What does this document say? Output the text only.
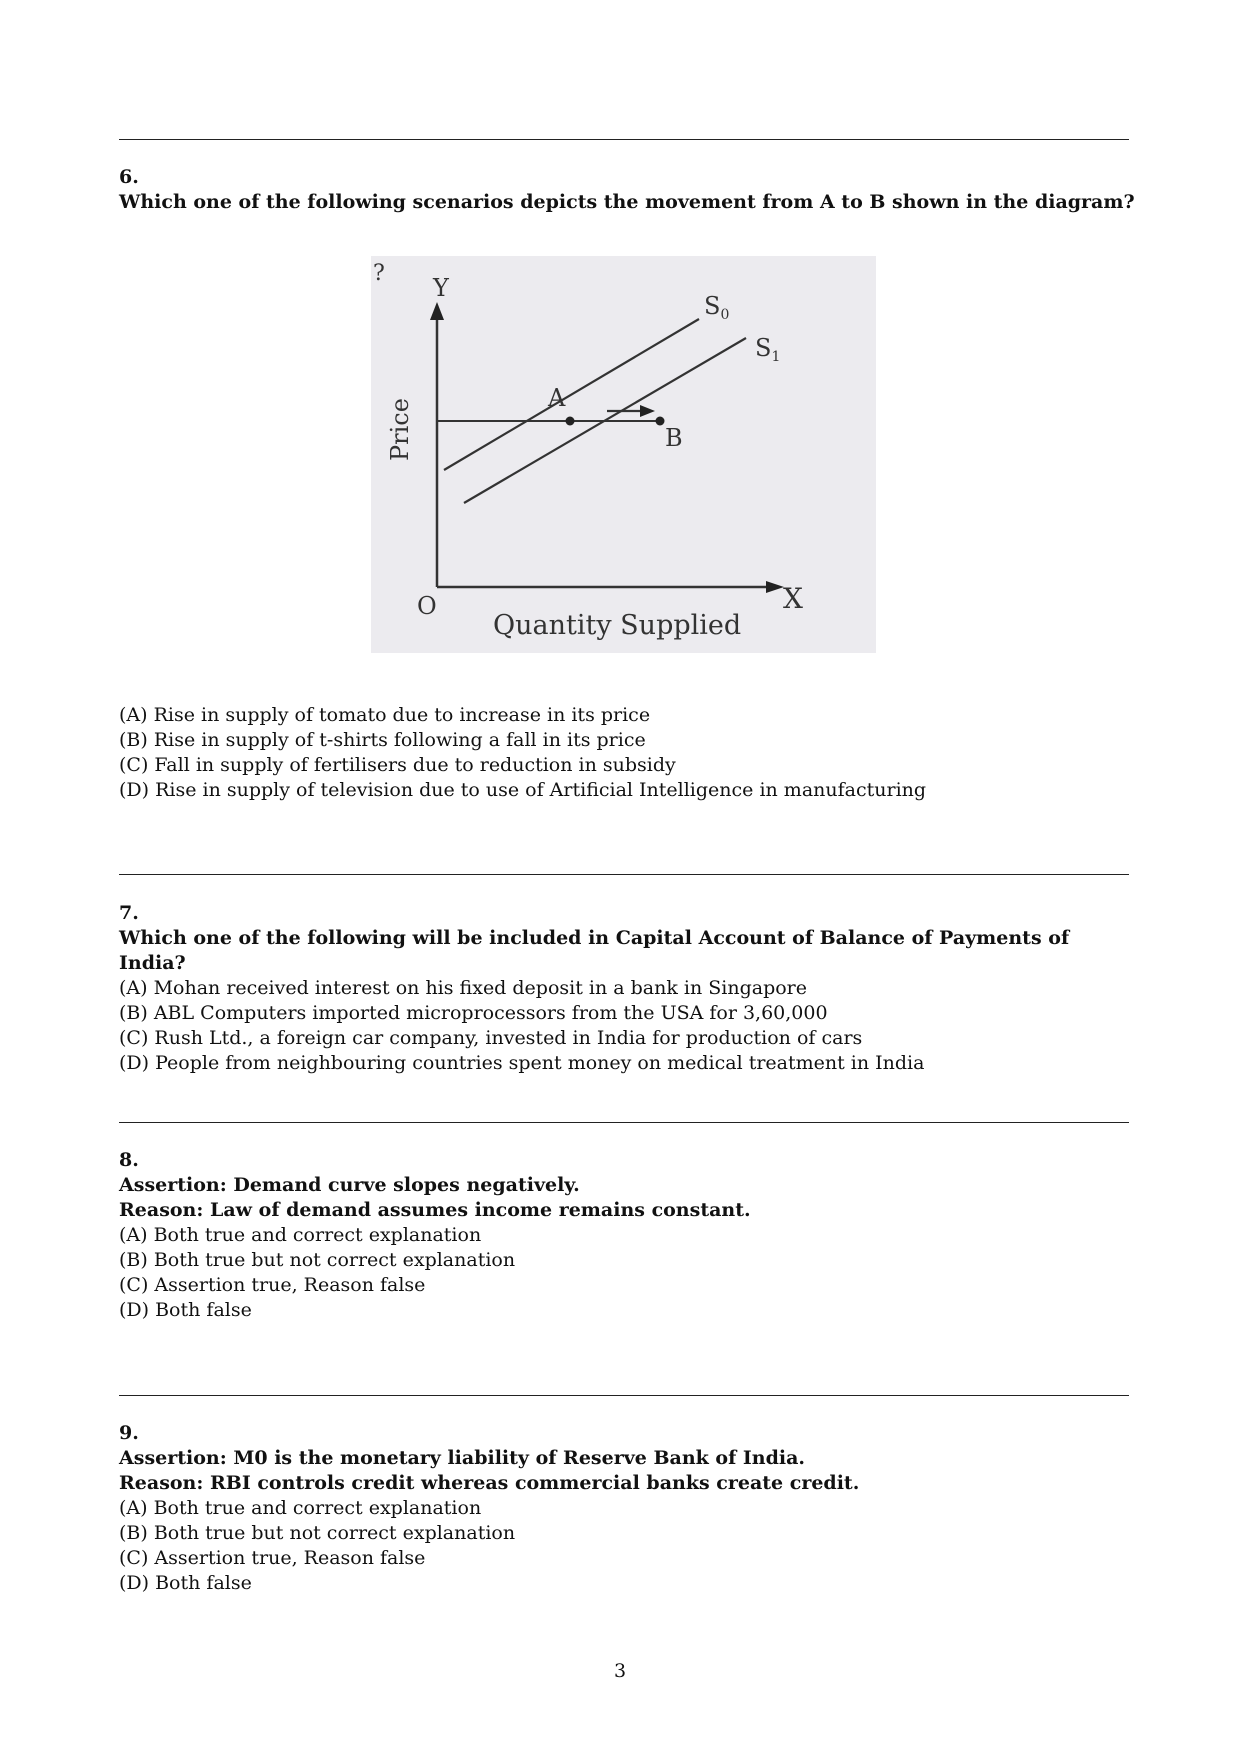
6.
Which one of the following scenarios depicts the movement from A to B shown in the diagram?
?
Y
X
O
Price
Quantity Supplied
$S_0$
$S_1$
A
B
(A) Rise in supply of tomato due to increase in its price
(B) Rise in supply of t-shirts following a fall in its price
(C) Fall in supply of fertilisers due to reduction in subsidy
(D) Rise in supply of television due to use of Artificial Intelligence in manufacturing
7.
Which one of the following will be included in Capital Account of Balance of Payments of India?
(A) Mohan received interest on his fixed deposit in a bank in Singapore
(B) ABL Computers imported microprocessors from the USA for 3,60,000
(C) Rush Ltd., a foreign car company, invested in India for production of cars
(D) People from neighbouring countries spent money on medical treatment in India
8.
Assertion: Demand curve slopes negatively.
Reason: Law of demand assumes income remains constant.
(A) Both true and correct explanation
(B) Both true but not correct explanation
(C) Assertion true, Reason false
(D) Both false
9.
Assertion: M0 is the monetary liability of Reserve Bank of India.
Reason: RBI controls credit whereas commercial banks create credit.
(A) Both true and correct explanation
(B) Both true but not correct explanation
(C) Assertion true, Reason false
(D) Both false
3
